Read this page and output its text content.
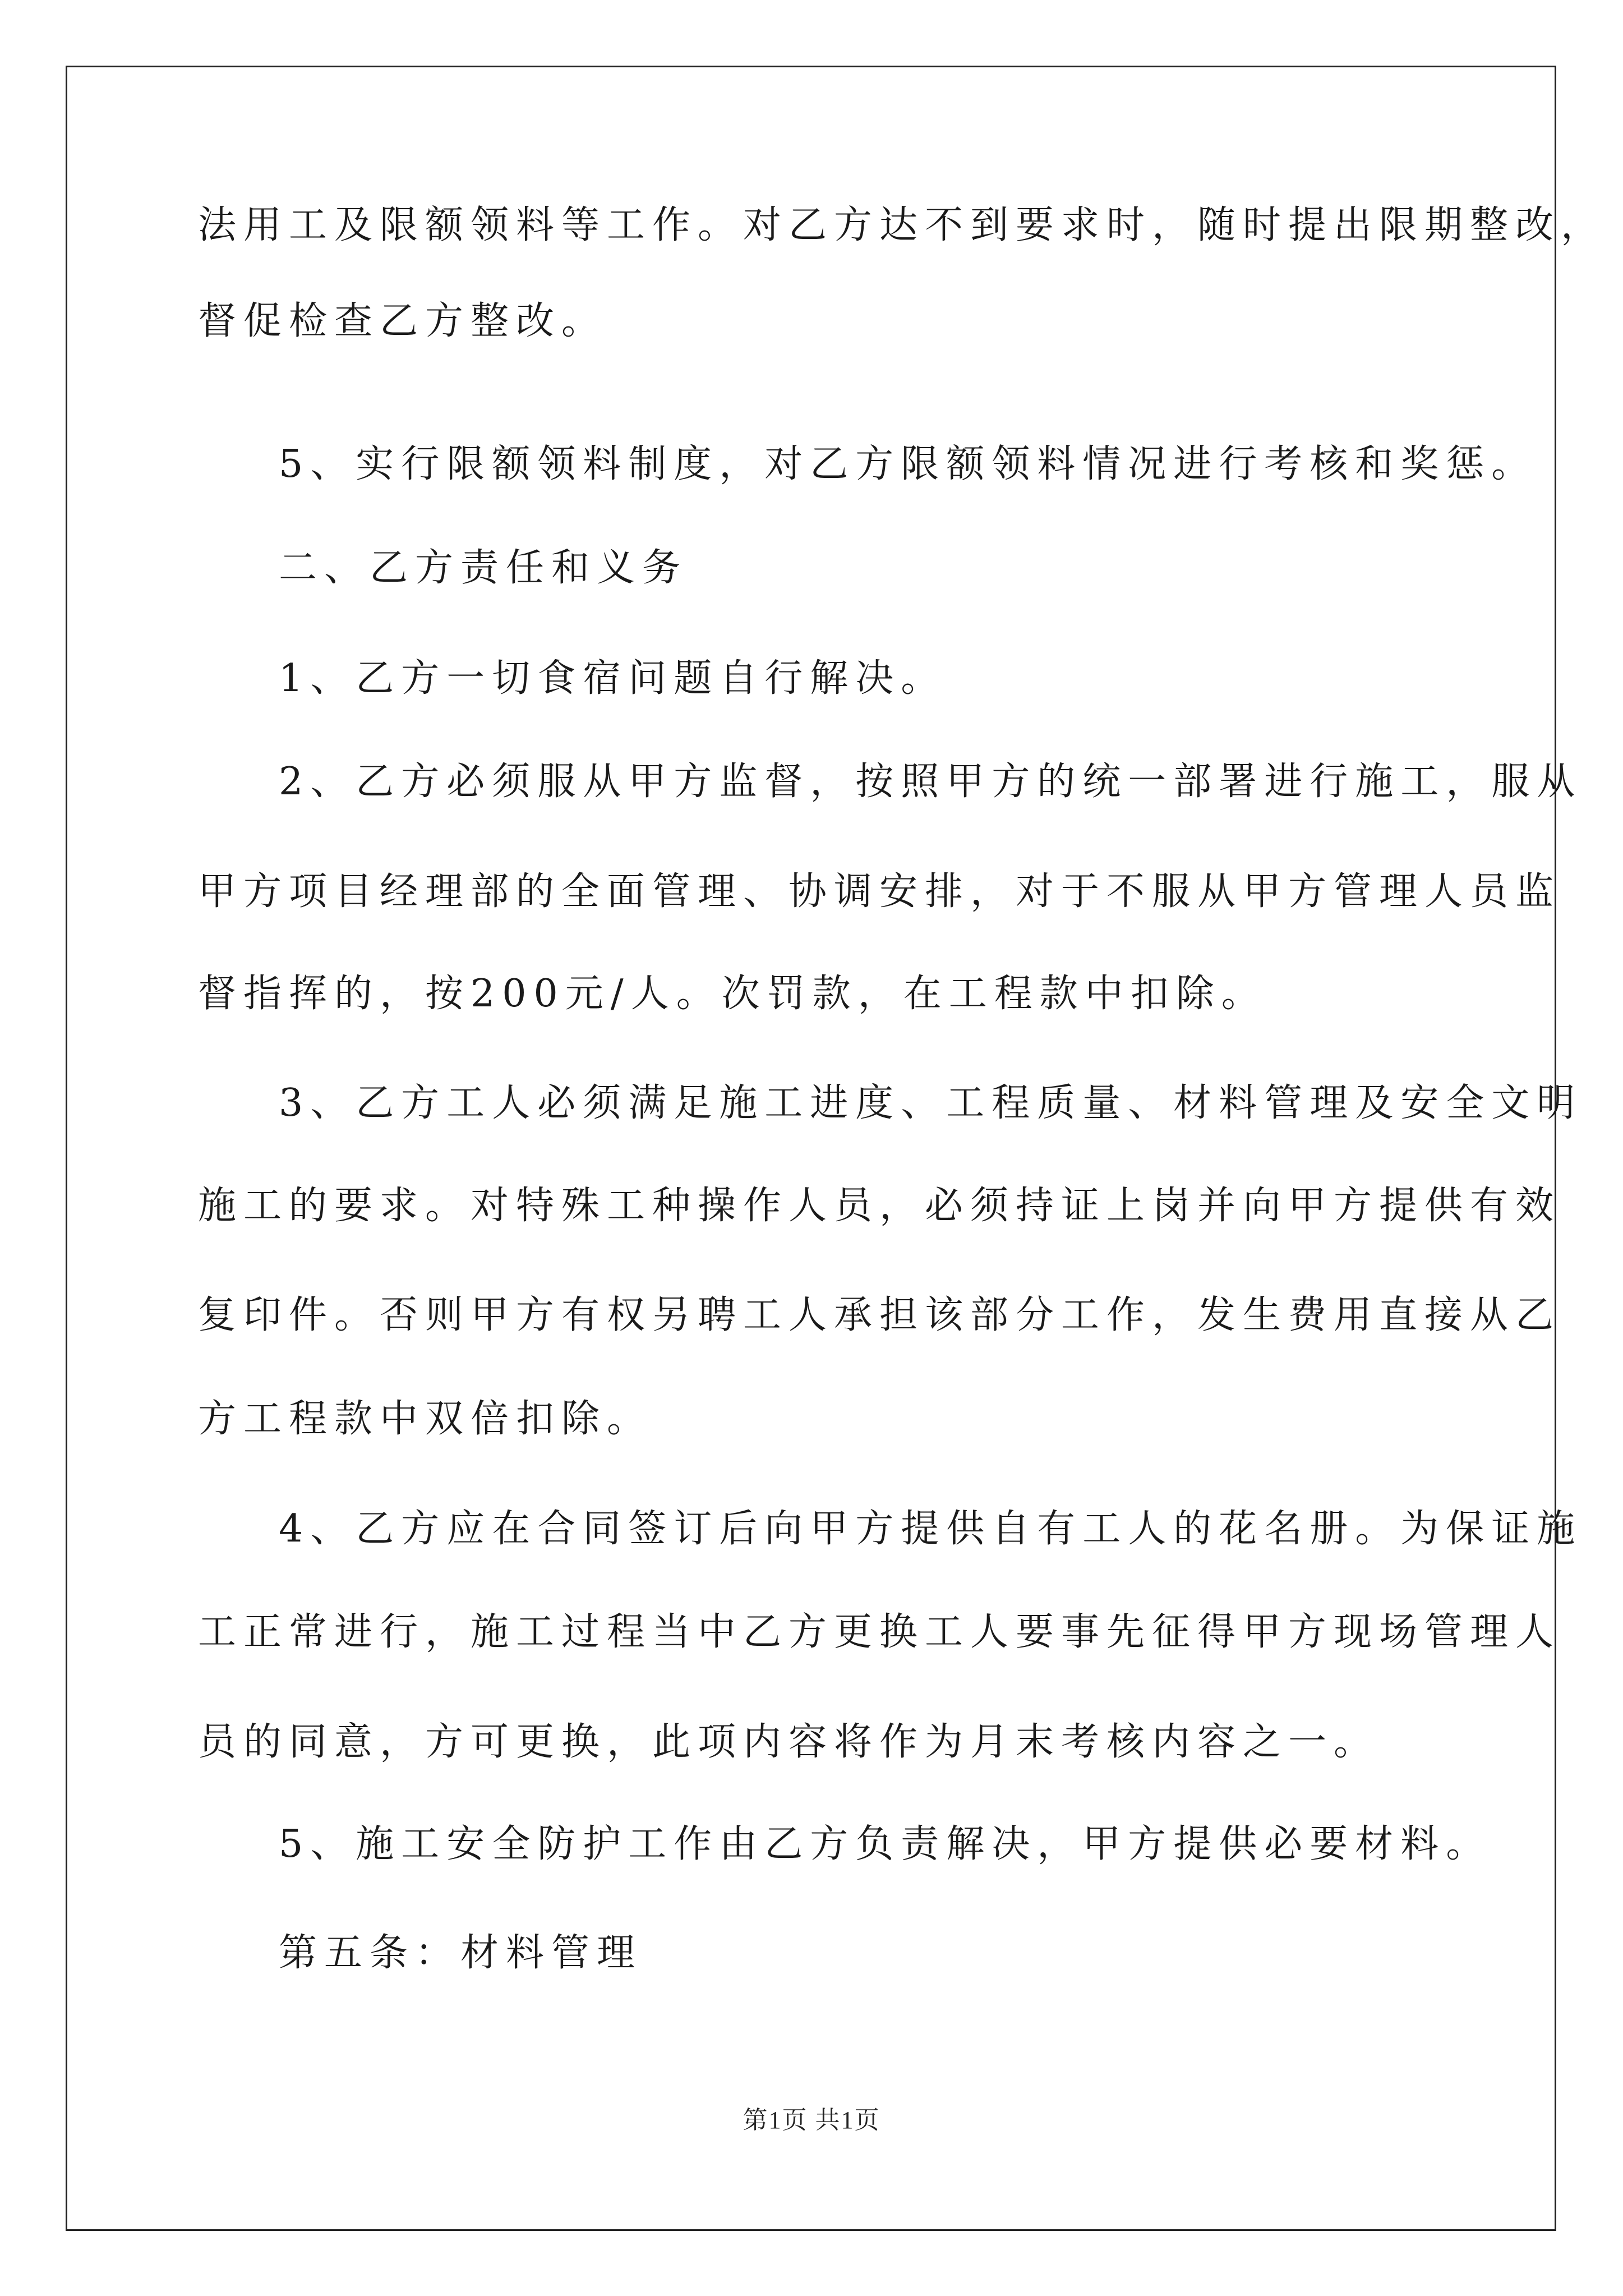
法用工及限额领料等工作。对乙方达不到要求时，随时提出限期整改，
督促检查乙方整改。
5、实行限额领料制度，对乙方限额领料情况进行考核和奖惩。
二、乙方责任和义务
1、乙方一切食宿问题自行解决。
2、乙方必须服从甲方监督，按照甲方的统一部署进行施工，服从
甲方项目经理部的全面管理、协调安排，对于不服从甲方管理人员监
督指挥的，按200元/人。次罚款，在工程款中扣除。
3、乙方工人必须满足施工进度、工程质量、材料管理及安全文明
施工的要求。对特殊工种操作人员，必须持证上岗并向甲方提供有效
复印件。否则甲方有权另聘工人承担该部分工作，发生费用直接从乙
方工程款中双倍扣除。
4、乙方应在合同签订后向甲方提供自有工人的花名册。为保证施
工正常进行，施工过程当中乙方更换工人要事先征得甲方现场管理人
员的同意，方可更换，此项内容将作为月末考核内容之一。
5、施工安全防护工作由乙方负责解决，甲方提供必要材料。
第五条：材料管理
第1页 共1页
